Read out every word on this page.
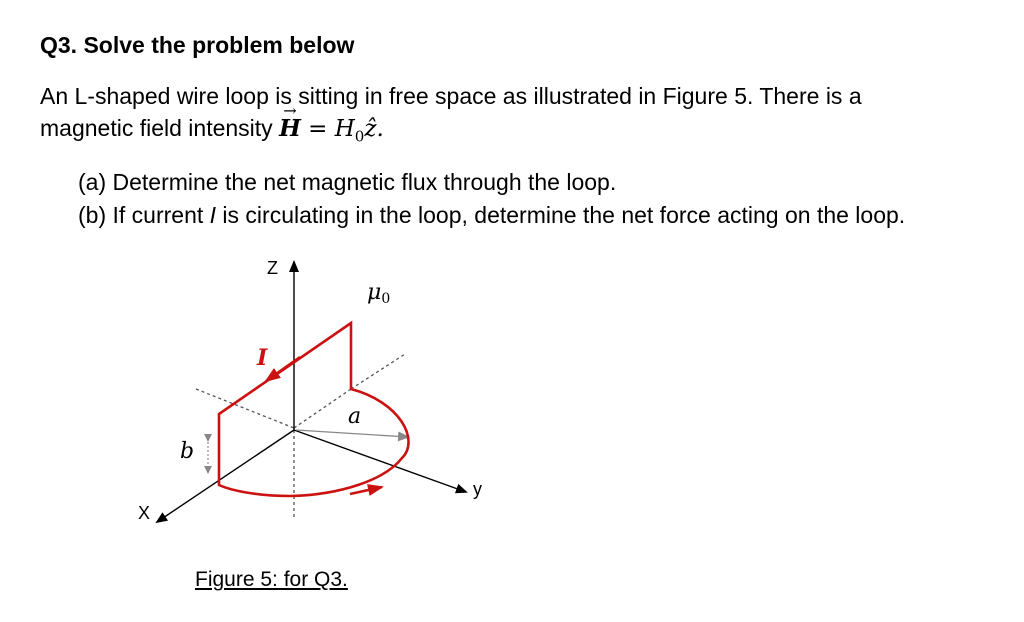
Q3. Solve the problem below

An L-shaped wire loop is sitting in free space as illustrated in Figure 5. There is a
magnetic field intensity → $H = H_0ẑ$.

(a) Determine the net magnetic flux through the loop.
(b) If current I is circulating in the loop, determine the net force acting on the loop.
Z
X
y
I
μ0
a
b

Figure 5: for Q3.
